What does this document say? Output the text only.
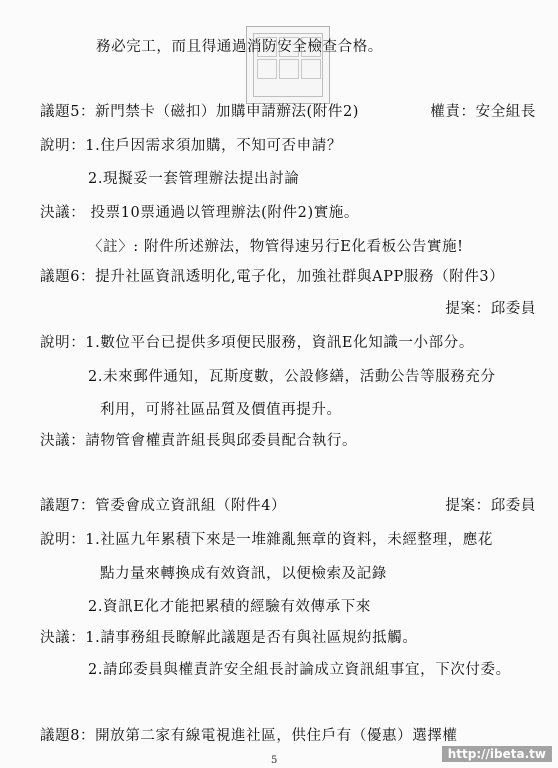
務必完工，而且得通過消防安全檢查合格。
議題5：新門禁卡（磁扣）加購申請辦法(附件2)	權責：安全組長
說明：1.住戶因需求須加購，不知可否申請？
2.現擬妥一套管理辦法提出討論
決議： 投票10票通過以管理辦法(附件2)實施。
〈註〉: 附件所述辦法，物管得速另行E化看板公告實施!
議題6：提升社區資訊透明化,電子化，加強社群與APP服務（附件3）
提案：邱委員
說明：1.數位平台已提供多項便民服務，資訊E化知識一小部分。
2.未來郵件通知，瓦斯度數，公設修繕，活動公告等服務充分
利用，可將社區品質及價值再提升。
決議：請物管會權責許組長與邱委員配合執行。
議題7：管委會成立資訊組（附件4）	提案：邱委員
說明：1.社區九年累積下來是一堆雜亂無章的資料，未經整理，應花
點力量來轉換成有效資訊，以便檢索及記錄
2.資訊E化才能把累積的經驗有效傳承下來
決議：1.請事務組長瞭解此議題是否有與社區規約抵觸。
2.請邱委員與權責許安全組長討論成立資訊組事宜，下次付委。
議題8：開放第二家有線電視進社區，供住戶有（優惠）選擇權
5	http://ibeta.tw
